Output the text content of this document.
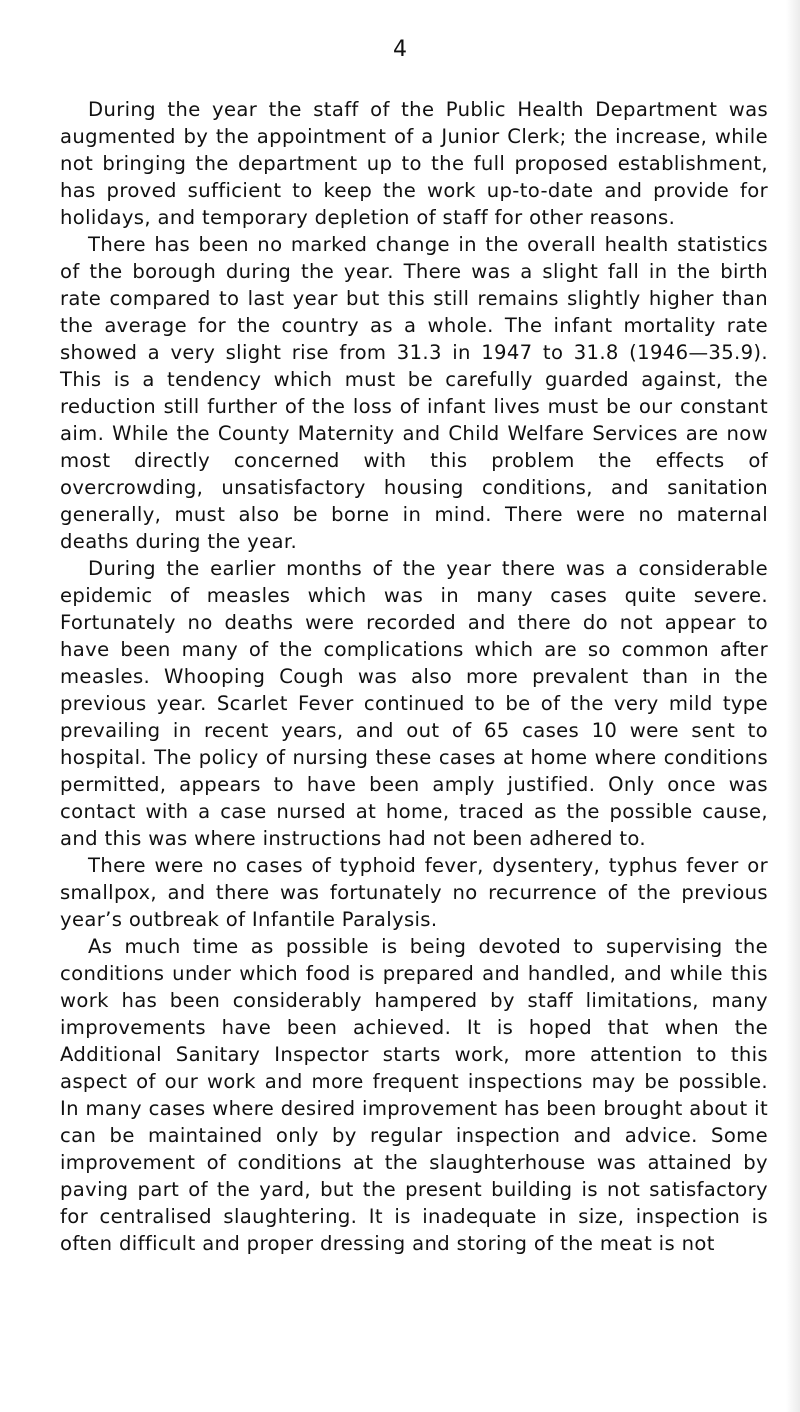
4

During the year the staff of the Public Health Department was augmented by the appointment of a Junior Clerk; the increase, while not bringing the department up to the full proposed establishment, has proved sufficient to keep the work up-to-date and provide for holidays, and temporary depletion of staff for other reasons.

There has been no marked change in the overall health statistics of the borough during the year. There was a slight fall in the birth rate compared to last year but this still remains slightly higher than the average for the country as a whole. The infant mortality rate showed a very slight rise from 31.3 in 1947 to 31.8 (1946—35.9). This is a tendency which must be carefully guarded against, the reduction still further of the loss of infant lives must be our constant aim. While the County Maternity and Child Welfare Services are now most directly concerned with this problem the effects of overcrowding, unsatisfactory housing conditions, and sanitation generally, must also be borne in mind. There were no maternal deaths during the year.

During the earlier months of the year there was a considerable epidemic of measles which was in many cases quite severe. Fortunately no deaths were recorded and there do not appear to have been many of the complications which are so common after measles. Whooping Cough was also more prevalent than in the previous year. Scarlet Fever continued to be of the very mild type prevailing in recent years, and out of 65 cases 10 were sent to hospital. The policy of nursing these cases at home where conditions permitted, appears to have been amply justified. Only once was contact with a case nursed at home, traced as the possible cause, and this was where instructions had not been adhered to.

There were no cases of typhoid fever, dysentery, typhus fever or smallpox, and there was fortunately no recurrence of the previous year’s outbreak of Infantile Paralysis.

As much time as possible is being devoted to supervising the conditions under which food is prepared and handled, and while this work has been considerably hampered by staff limitations, many improvements have been achieved. It is hoped that when the Additional Sanitary Inspector starts work, more attention to this aspect of our work and more frequent inspections may be possible. In many cases where desired improvement has been brought about it can be maintained only by regular inspection and advice. Some improvement of conditions at the slaughterhouse was attained by paving part of the yard, but the present building is not satisfactory for centralised slaughtering. It is inadequate in size, inspection is often difficult and proper dressing and storing of the meat is not
